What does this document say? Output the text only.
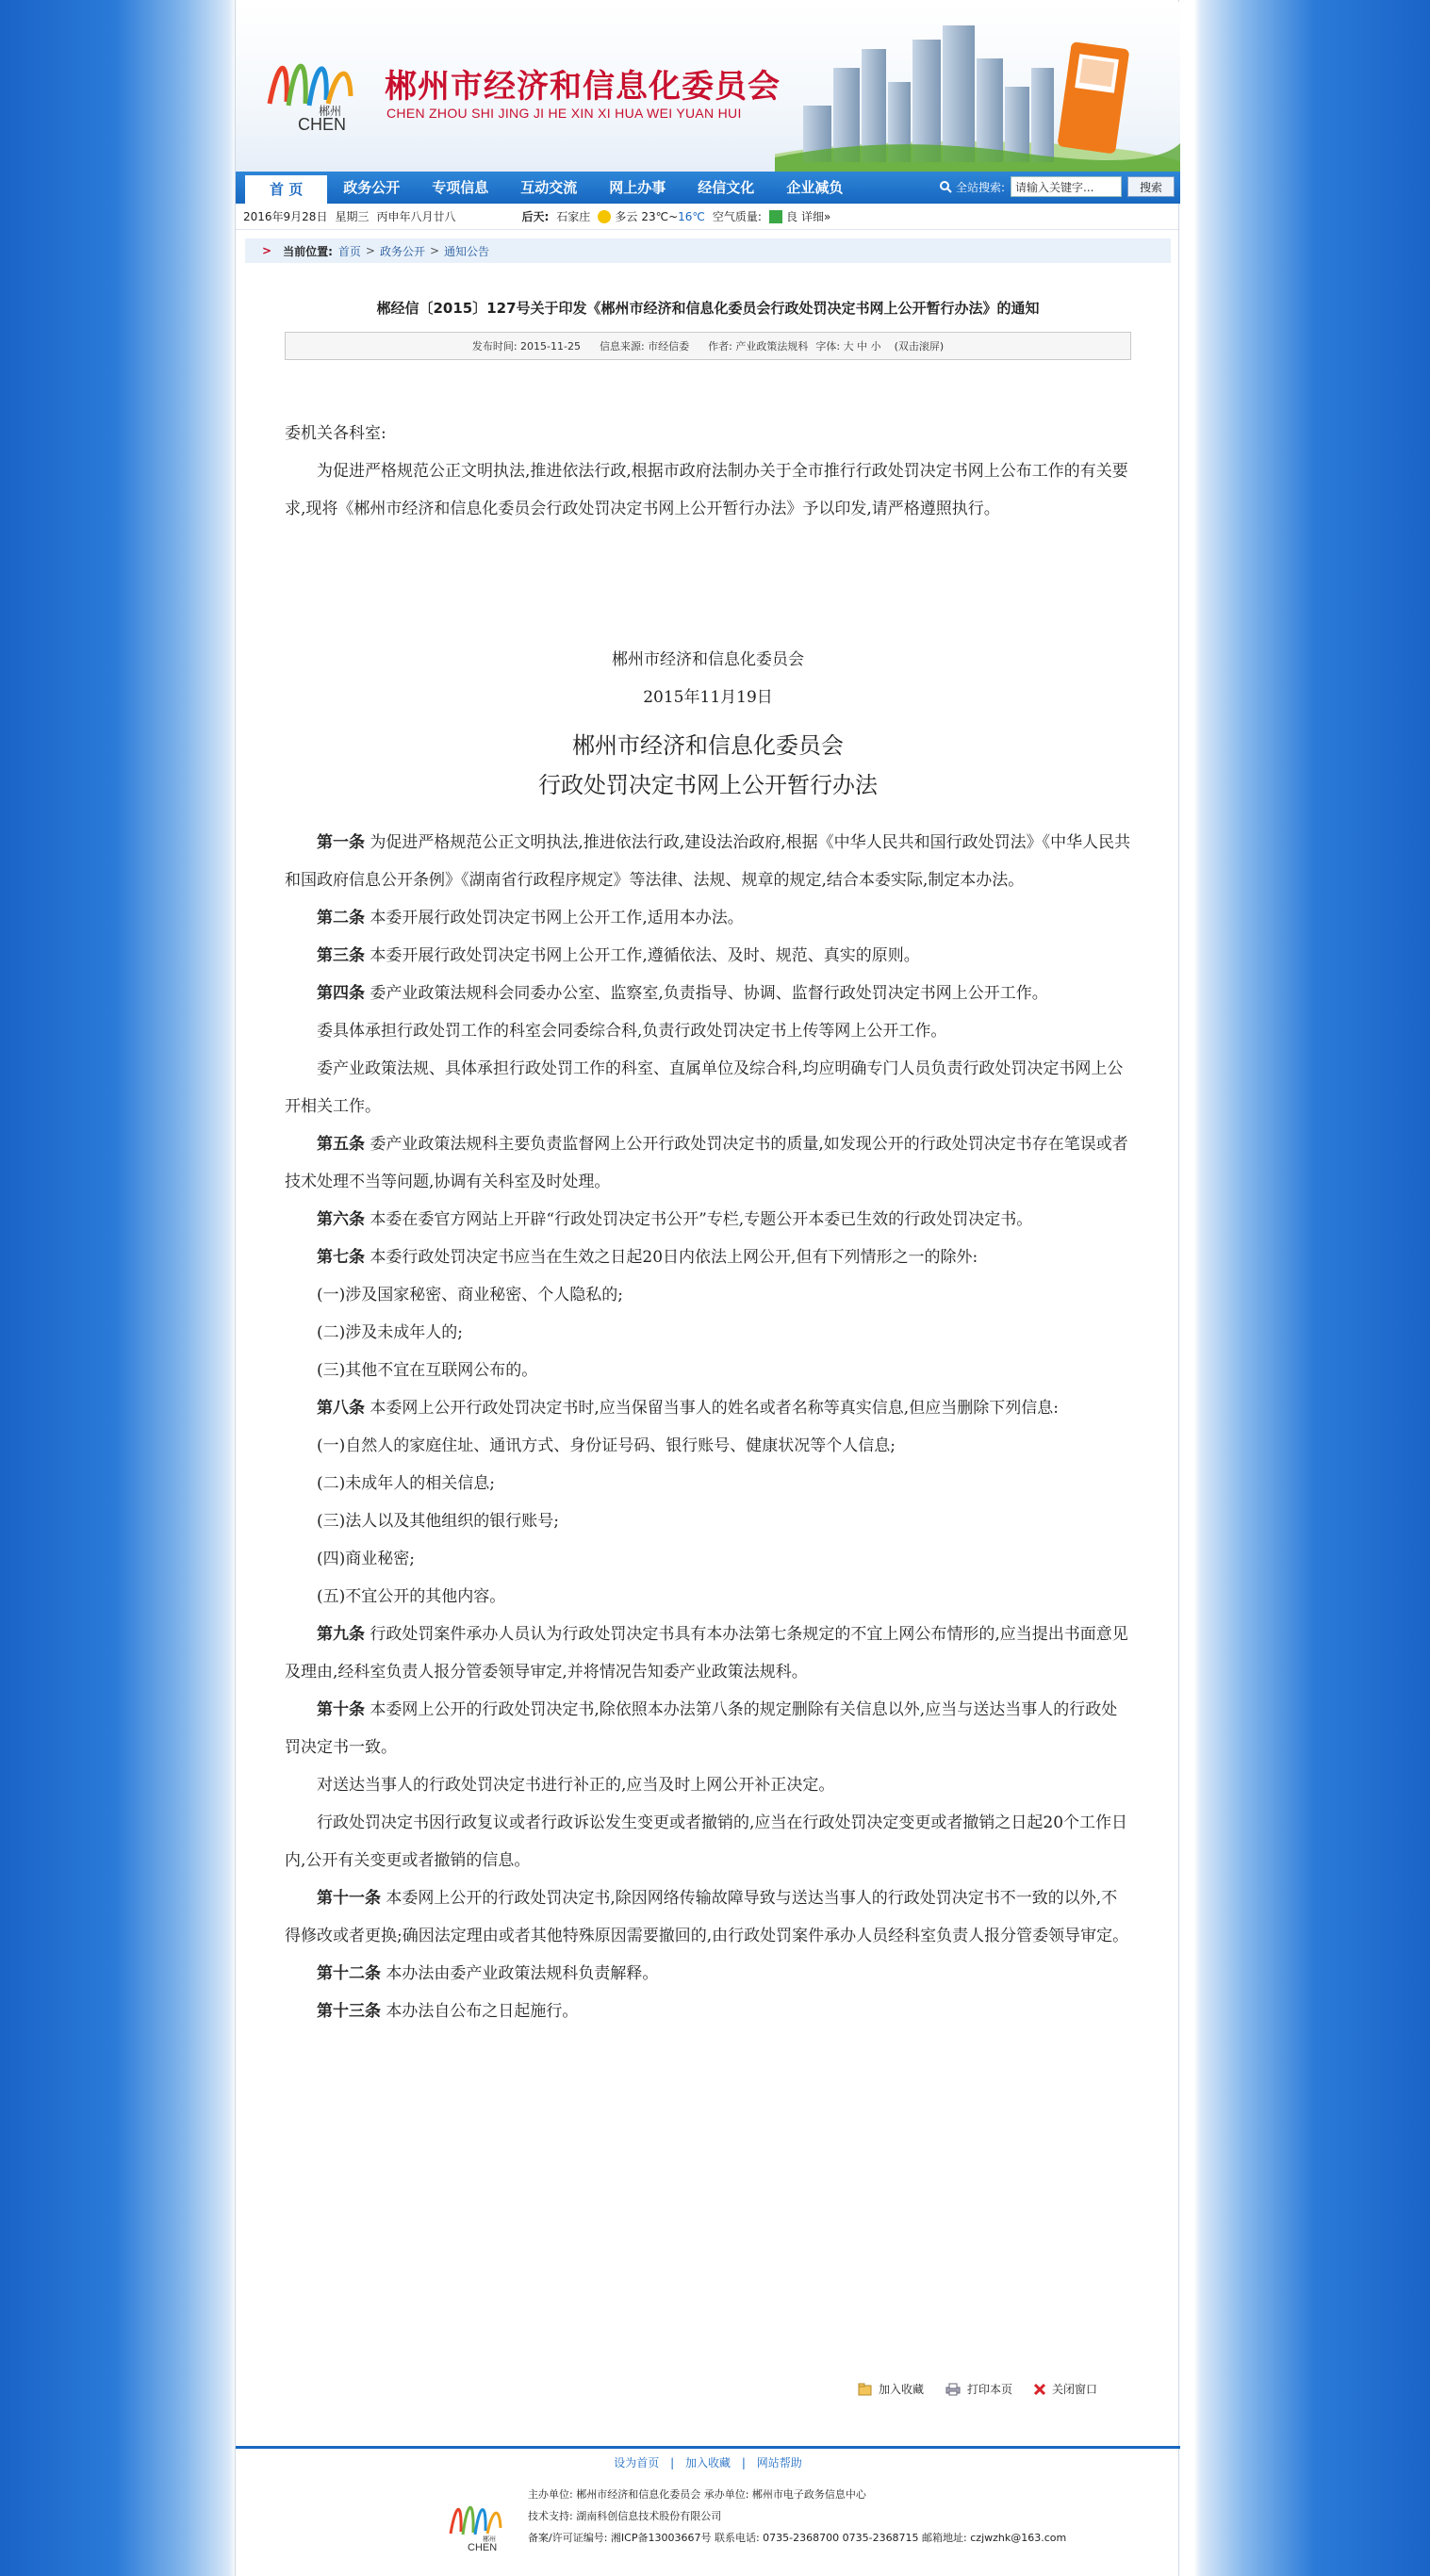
郴州
CHEN
郴州市经济和信息化委员会
CHEN ZHOU SHI JING JI HE XIN XI HUA WEI YUAN HUI
首 页	政务公开	专项信息	互动交流	网上办事	经信文化	企业减负	全站搜索:
请输入关键字...	搜索
2016年9月28日 星期三 丙申年八月廿八	后天: 石家庄 多云 23℃ ~ 16℃ 空气质量: 良 详细»
> 当前位置: 首页 > 政务公开 > 通知公告
郴经信〔2015〕127号关于印发《郴州市经济和信息化委员会行政处罚决定书网上公开暂行办法》的通知
发布时间: 2015-11-25 信息来源: 市经信委 作者: 产业政策法规科 字体: 大 中 小 (双击滚屏)

委机关各科室:

为促进严格规范公正文明执法,推进依法行政,根据市政府法制办关于全市推行行政处罚决定书网上公布工作的有关要求,现将《郴州市经济和信息化委员会行政处罚决定书网上公开暂行办法》予以印发,请严格遵照执行。

郴州市经济和信息化委员会

2015年11月19日

郴州市经济和信息化委员会

行政处罚决定书网上公开暂行办法

第一条 为促进严格规范公正文明执法,推进依法行政,建设法治政府,根据《中华人民共和国行政处罚法》《中华人民共和国政府信息公开条例》《湖南省行政程序规定》等法律、法规、规章的规定,结合本委实际,制定本办法。

第二条 本委开展行政处罚决定书网上公开工作,适用本办法。

第三条 本委开展行政处罚决定书网上公开工作,遵循依法、及时、规范、真实的原则。

第四条 委产业政策法规科会同委办公室、监察室,负责指导、协调、监督行政处罚决定书网上公开工作。

委具体承担行政处罚工作的科室会同委综合科,负责行政处罚决定书上传等网上公开工作。

委产业政策法规、具体承担行政处罚工作的科室、直属单位及综合科,均应明确专门人员负责行政处罚决定书网上公开相关工作。

第五条 委产业政策法规科主要负责监督网上公开行政处罚决定书的质量,如发现公开的行政处罚决定书存在笔误或者技术处理不当等问题,协调有关科室及时处理。

第六条 本委在委官方网站上开辟“行政处罚决定书公开”专栏,专题公开本委已生效的行政处罚决定书。

第七条 本委行政处罚决定书应当在生效之日起20日内依法上网公开,但有下列情形之一的除外:

(一)涉及国家秘密、商业秘密、个人隐私的;

(二)涉及未成年人的;

(三)其他不宜在互联网公布的。

第八条 本委网上公开行政处罚决定书时,应当保留当事人的姓名或者名称等真实信息,但应当删除下列信息:

(一)自然人的家庭住址、通讯方式、身份证号码、银行账号、健康状况等个人信息;

(二)未成年人的相关信息;

(三)法人以及其他组织的银行账号;

(四)商业秘密;

(五)不宜公开的其他内容。

第九条 行政处罚案件承办人员认为行政处罚决定书具有本办法第七条规定的不宜上网公布情形的,应当提出书面意见及理由,经科室负责人报分管委领导审定,并将情况告知委产业政策法规科。

第十条 本委网上公开的行政处罚决定书,除依照本办法第八条的规定删除有关信息以外,应当与送达当事人的行政处罚决定书一致。

对送达当事人的行政处罚决定书进行补正的,应当及时上网公开补正决定。

行政处罚决定书因行政复议或者行政诉讼发生变更或者撤销的,应当在行政处罚决定变更或者撤销之日起20个工作日内,公开有关变更或者撤销的信息。

第十一条 本委网上公开的行政处罚决定书,除因网络传输故障导致与送达当事人的行政处罚决定书不一致的以外,不得修改或者更换;确因法定理由或者其他特殊原因需要撤回的,由行政处罚案件承办人员经科室负责人报分管委领导审定。

第十二条 本办法由委产业政策法规科负责解释。

第十三条 本办法自公布之日起施行。

加入收藏	打印本页	关闭窗口
设为首页 | 加入收藏 | 网站帮助
郴州
CHEN
主办单位: 郴州市经济和信息化委员会 承办单位: 郴州市电子政务信息中心
技术支持: 湖南科创信息技术股份有限公司
备案/许可证编号: 湘ICP备13003667号 联系电话: 0735-2368700 0735-2368715 邮箱地址: czjwzhk@163.com
